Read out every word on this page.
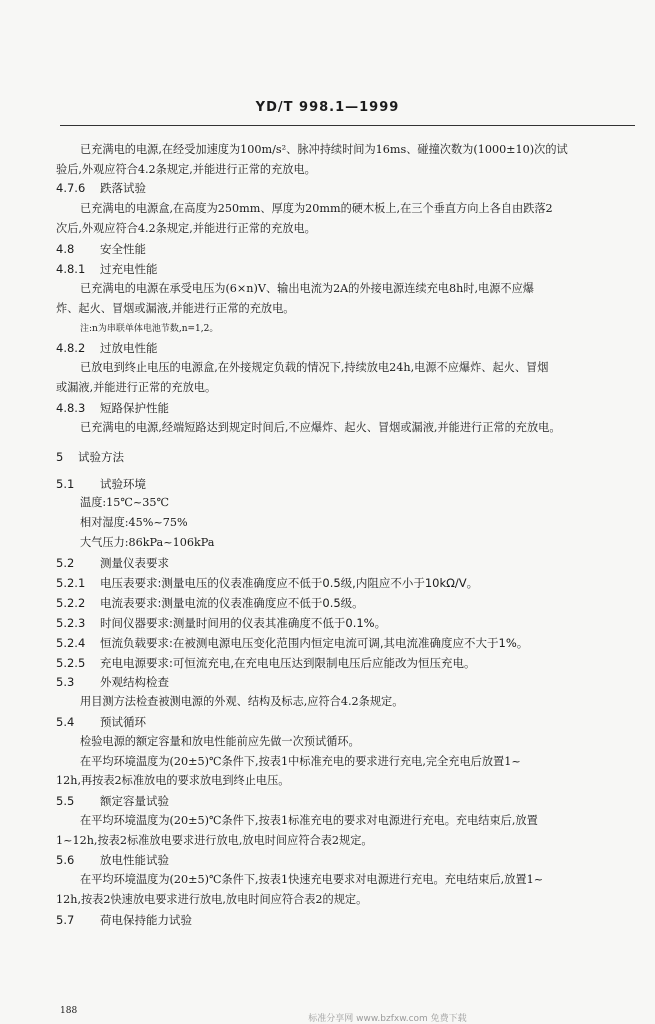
YD/T 998.1—1999
已充满电的电源,在经受加速度为100m/s²、脉冲持续时间为16ms、碰撞次数为(1000±10)次的试
验后,外观应符合4.2条规定,并能进行正常的充放电。
4.7.6 跌落试验
已充满电的电源盒,在高度为250mm、厚度为20mm的硬木板上,在三个垂直方向上各自由跌落2
次后,外观应符合4.2条规定,并能进行正常的充放电。
4.8 安全性能
4.8.1 过充电性能
已充满电的电源在承受电压为(6×n)V、输出电流为2A的外接电源连续充电8h时,电源不应爆
炸、起火、冒烟或漏液,并能进行正常的充放电。
注:n为串联单体电池节数,n=1,2。
4.8.2 过放电性能
已放电到终止电压的电源盒,在外接规定负载的情况下,持续放电24h,电源不应爆炸、起火、冒烟
或漏液,并能进行正常的充放电。
4.8.3 短路保护性能
已充满电的电源,经端短路达到规定时间后,不应爆炸、起火、冒烟或漏液,并能进行正常的充放电。
5 试验方法
5.1 试验环境
温度:15℃~35℃
相对湿度:45%~75%
大气压力:86kPa~106kPa
5.2 测量仪表要求
5.2.1 电压表要求:测量电压的仪表准确度应不低于0.5级,内阻应不小于10kΩ/V。
5.2.2 电流表要求:测量电流的仪表准确度应不低于0.5级。
5.2.3 时间仪器要求:测量时间用的仪表其准确度不低于0.1%。
5.2.4 恒流负载要求:在被测电源电压变化范围内恒定电流可调,其电流准确度应不大于1%。
5.2.5 充电电源要求:可恒流充电,在充电电压达到限制电压后应能改为恒压充电。
5.3 外观结构检查
用目测方法检查被测电源的外观、结构及标志,应符合4.2条规定。
5.4 预试循环
检验电源的额定容量和放电性能前应先做一次预试循环。
在平均环境温度为(20±5)℃条件下,按表1中标准充电的要求进行充电,完全充电后放置1~
12h,再按表2标准放电的要求放电到终止电压。
5.5 额定容量试验
在平均环境温度为(20±5)℃条件下,按表1标准充电的要求对电源进行充电。充电结束后,放置
1~12h,按表2标准放电要求进行放电,放电时间应符合表2规定。
5.6 放电性能试验
在平均环境温度为(20±5)℃条件下,按表1快速充电要求对电源进行充电。充电结束后,放置1~
12h,按表2快速放电要求进行放电,放电时间应符合表2的规定。
5.7 荷电保持能力试验
188
标准分享网 www.bzfxw.com 免费下载
